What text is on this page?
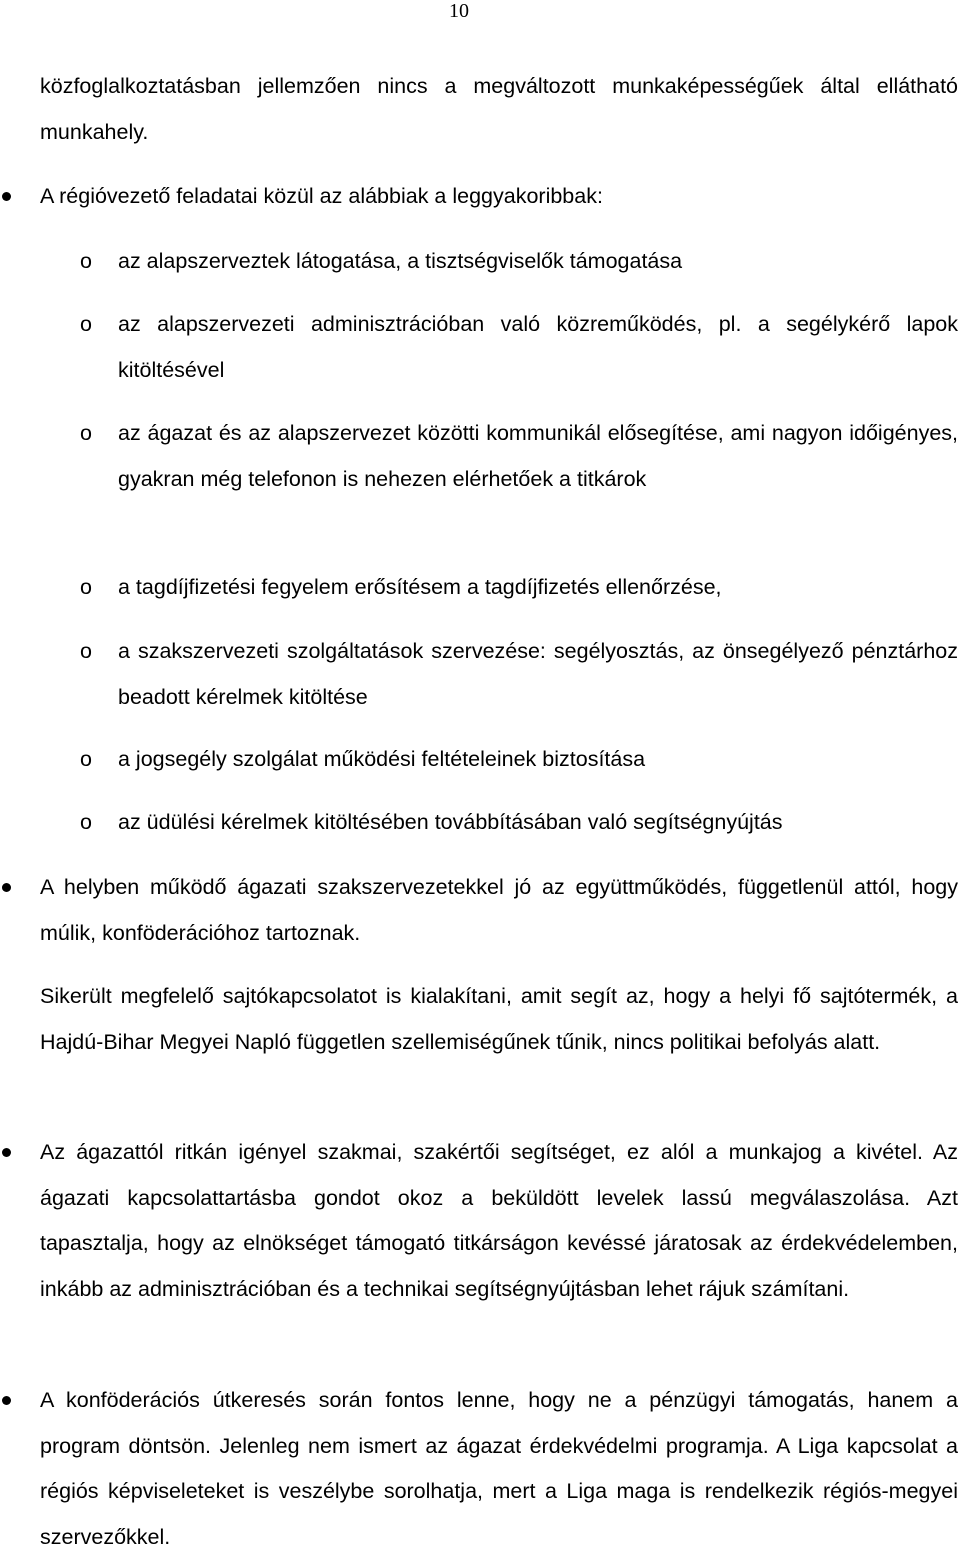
10
közfoglalkoztatásban jellemzően nincs a megváltozott munkaképességűek által ellátható munkahely.
A régióvezető feladatai közül az alábbiak a leggyakoribbak:
o az alapszerveztek látogatása, a tisztségviselők támogatása
o az alapszervezeti adminisztrációban való közreműködés, pl. a segélykérő lapok kitöltésével
o az ágazat és az alapszervezet közötti kommunikál elősegítése, ami nagyon időigényes, gyakran még telefonon is nehezen elérhetőek a titkárok
o a tagdíjfizetési fegyelem erősítésem a tagdíjfizetés ellenőrzése,
o a szakszervezeti szolgáltatások szervezése: segélyosztás, az önsegélyező pénztárhoz beadott kérelmek kitöltése
o a jogsegély szolgálat működési feltételeinek biztosítása
o az üdülési kérelmek kitöltésében továbbításában való segítségnyújtás
A helyben működő ágazati szakszervezetekkel jó az együttműködés, függetlenül attól, hogy múlik, konföderációhoz tartoznak.
Sikerült megfelelő sajtókapcsolatot is kialakítani, amit segít az, hogy a helyi fő sajtótermék, a Hajdú-Bihar Megyei Napló független szellemiségűnek tűnik, nincs politikai befolyás alatt.
Az ágazattól ritkán igényel szakmai, szakértői segítséget, ez alól a munkajog a kivétel. Az ágazati kapcsolattartásba gondot okoz a beküldött levelek lassú megválaszolása. Azt tapasztalja, hogy az elnökséget támogató titkárságon kevéssé járatosak az érdekvédelemben, inkább az adminisztrációban és a technikai segítségnyújtásban lehet rájuk számítani.
A konföderációs útkeresés során fontos lenne, hogy ne a pénzügyi támogatás, hanem a program döntsön. Jelenleg nem ismert az ágazat érdekvédelmi programja. A Liga kapcsolat a régiós képviseleteket is veszélybe sorolhatja, mert a Liga maga is rendelkezik régiós-megyei szervezőkkel.
